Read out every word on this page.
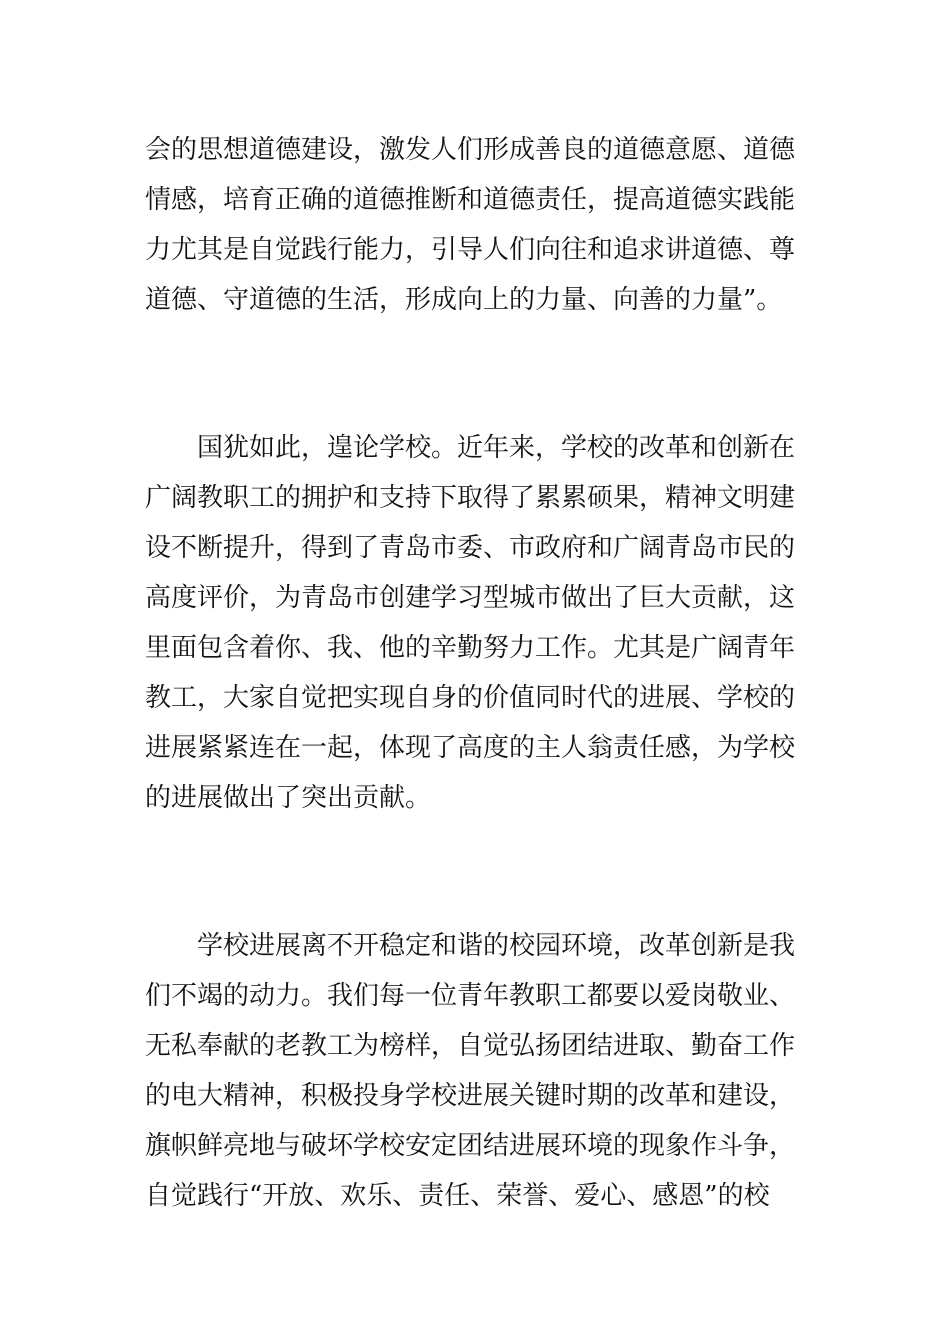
会的思想道德建设，激发人们形成善良的道德意愿、道德
情感，培育正确的道德推断和道德责任，提高道德实践能
力尤其是自觉践行能力，引导人们向往和追求讲道德、尊
道德、守道德的生活，形成向上的力量、向善的力量”。
国犹如此，遑论学校。近年来，学校的改革和创新在
广阔教职工的拥护和支持下取得了累累硕果，精神文明建
设不断提升，得到了青岛市委、市政府和广阔青岛市民的
高度评价，为青岛市创建学习型城市做出了巨大贡献，这
里面包含着你、我、他的辛勤努力工作。尤其是广阔青年
教工，大家自觉把实现自身的价值同时代的进展、学校的
进展紧紧连在一起，体现了高度的主人翁责任感，为学校
的进展做出了突出贡献。
学校进展离不开稳定和谐的校园环境，改革创新是我
们不竭的动力。我们每一位青年教职工都要以爱岗敬业、
无私奉献的老教工为榜样，自觉弘扬团结进取、勤奋工作
的电大精神，积极投身学校进展关键时期的改革和建设，
旗帜鲜亮地与破坏学校安定团结进展环境的现象作斗争，
自觉践行“开放、欢乐、责任、荣誉、爱心、感恩”的校
